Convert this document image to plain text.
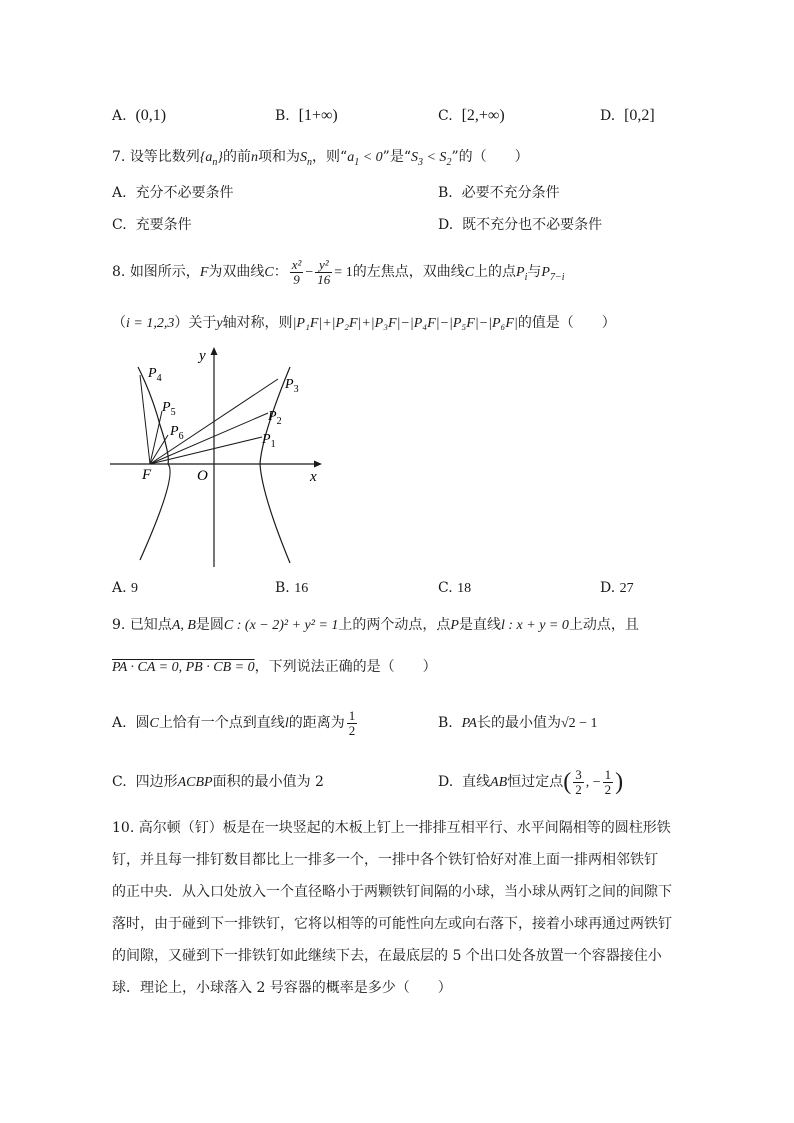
A. (0,1)	B. [1+∞)	C. [2,+∞)	D. [0,2]
7. 设等比数列$\{a_n\}$的前n项和为$S_n$，则“$a_1 < 0$”是“$S_3 < S_2$”的（　　）
A. 充分不必要条件	B. 必要不充分条件
C. 充要条件	D. 既不充分也不必要条件
8. 如图所示，F为双曲线C： $\frac{\text{x²}}{9} - \frac{\text{y²}}{16} = 1$的左焦点，双曲线C上的点$P_i$与$P_{7-i}$
（i = 1,2,3）关于y轴对称，则|P₁F|+|P₂F|+|P₃F|−|P₄F|−|P₅F|−|P₆F|的值是（　　）
y
x
O
F
$P_1$
$P_2$
$P_3$
$P_4$
$P_5$
$P_6$
A. 9	B. 16	C. 18	D. 27
9. 已知点A, B是圆C : (x − 2)² + y² = 1上的两个动点，点P是直线l : x + y = 0上动点，且
PA · CA = 0, PB · CB = 0，下列说法正确的是（　　）
A. 圆C上恰有一个点到直线l的距离为 $\frac{1}{2}$	B. PA长的最小值为√2 − 1
C. 四边形ACBP面积的最小值为 2	D. 直线AB恒过定点( $\frac{3}{2}$ , − $\frac{1}{2}$ )
10. 高尔顿（钉）板是在一块竖起的木板上钉上一排排互相平行、水平间隔相等的圆柱形铁
钉，并且每一排钉数目都比上一排多一个，一排中各个铁钉恰好对准上面一排两相邻铁钉
的正中央．从入口处放入一个直径略小于两颗铁钉间隔的小球，当小球从两钉之间的间隙下
落时，由于碰到下一排铁钉，它将以相等的可能性向左或向右落下，接着小球再通过两铁钉
的间隙，又碰到下一排铁钉如此继续下去，在最底层的 5 个出口处各放置一个容器接住小
球．理论上，小球落入 2 号容器的概率是多少（　　）
